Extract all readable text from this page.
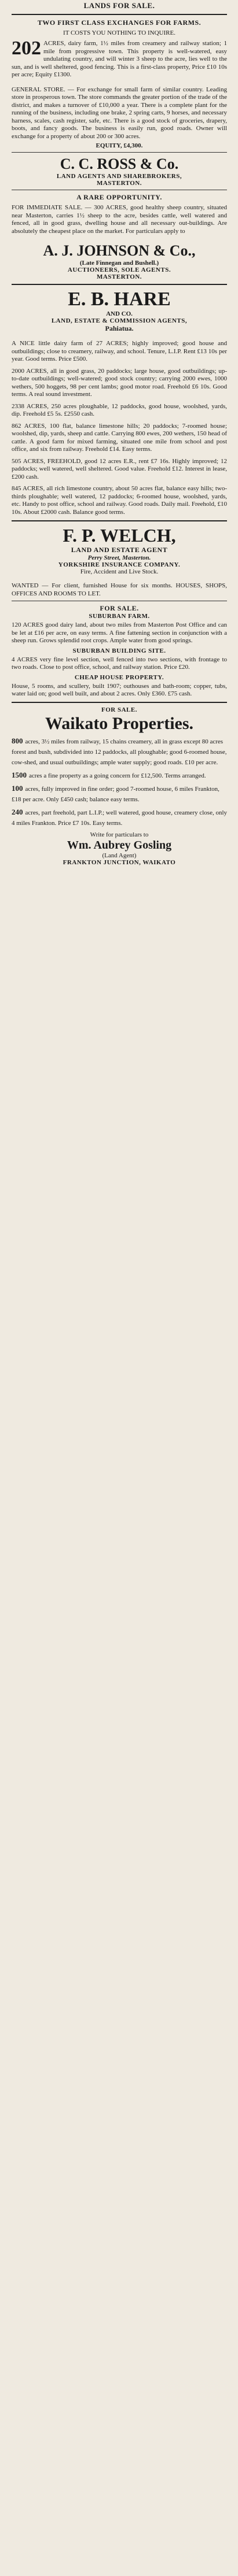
LANDS FOR SALE.
TWO FIRST CLASS EXCHANGES FOR FARMS.
IT COSTS YOU NOTHING TO INQUIRE.
202 ACRES, dairy farm, 1½ miles from creamery and railway station; 1 mile from progressive town. This property is well-watered, easy undulating country, and will winter 3 sheep to the acre, lies well to the sun, and is well sheltered, good fencing. This is a first-class property, Price £10 10s per acre; Equity £1300.

GENERAL STORE. — For exchange for small farm of similar country. Leading store in prosperous town. The store commands the greater portion of the trade of the district, and makes a turnover of £10,000 a year. There is a complete plant for the running of the business, including one brake, 2 spring carts, 9 horses, and necessary harness, scales, cash register, safe, etc. There is a good stock of groceries, drapery, boots, and fancy goods. The business is easily run, good roads. Owner will exchange for a property of about 200 or 300 acres.

EQUITY, £4,300.
C. C. ROSS & Co.
LAND AGENTS AND SHAREBROKERS,
MASTERTON.
A RARE OPPORTUNITY.

FOR IMMEDIATE SALE. — 300 ACRES, good healthy sheep country, situated near Masterton, carries 1½ sheep to the acre, besides cattle, well watered and fenced, all in good grass, dwelling house and all necessary out-buildings. Are absolutely the cheapest place on the market. For particulars apply to

A. J. JOHNSON & Co.,
(Late Finnegan and Bushell.)
AUCTIONEERS, SOLE AGENTS.
MASTERTON.
E. B. HARE
AND CO.
LAND, ESTATE & COMMISSION AGENTS,
Pahiatua.

A NICE little dairy farm of 27 ACRES; highly improved; good house and outbuildings; close to creamery, railway, and school. Tenure, L.I.P. Rent £13 10s per year. Good terms. Price £500.

2000 ACRES, all in good grass, 20 paddocks; large house, good outbuildings; up-to-date outbuildings; well-watered; good stock country; carrying 2000 ewes, 1000 wethers, 500 hoggets, 98 per cent lambs; good motor road. Freehold £6 10s. Good terms. A real sound investment.

2338 ACRES, 250 acres ploughable, 12 paddocks, good house, woolshed, yards, dip. Freehold £5 5s. £2550 cash.

862 ACRES, 100 flat, balance limestone hills; 20 paddocks; 7-roomed house; woolshed, dip, yards, sheep and cattle. Carrying 800 ewes, 200 wethers, 150 head of cattle. A good farm for mixed farming, situated one mile from school and post office, and six from railway. Freehold £14. Easy terms.

505 ACRES, FREEHOLD, good 12 acres E.R., rent £7 16s. Highly improved; 12 paddocks; well watered, well sheltered. Good value. Freehold £12. Interest in lease, £200 cash.

845 ACRES, all rich limestone country, about 50 acres flat, balance easy hills; two-thirds ploughable; well watered, 12 paddocks; 6-roomed house, woolshed, yards, etc. Handy to post office, school and railway. Good roads. Daily mail. Freehold, £10 10s. About £2000 cash. Balance good terms.

F. P. WELCH,
LAND AND ESTATE AGENT
Perry Street, Masterton.
YORKSHIRE INSURANCE COMPANY.
Fire, Accident and Live Stock.

WANTED — For client, furnished House for six months. HOUSES, SHOPS, OFFICES AND ROOMS TO LET.

FOR SALE.
SUBURBAN FARM.

120 ACRES good dairy land, about two miles from Masterton Post Office and can be let at £16 per acre, on easy terms. A fine fattening section in conjunction with a sheep run. Grows splendid root crops. Ample water from good springs.

SUBURBAN BUILDING SITE.

4 ACRES very fine level section, well fenced into two sections, with frontage to two roads. Close to post office, school, and railway station. Price £20.

CHEAP HOUSE PROPERTY.

House, 5 rooms, and scullery, built 1907; outhouses and bath-room; copper, tubs, water laid on; good well built, and about 2 acres. Only £360. £75 cash.

FOR SALE.
Waikato Properties.
800 acres, 3½ miles from railway, 15 chains creamery, all in grass except 80 acres forest and bush, subdivided into 12 paddocks, all ploughable; good 6-roomed house, cow-shed, and usual outbuildings; ample water supply; good roads. £10 per acre.
1500 acres a fine property as a going concern for £12,500. Terms arranged.
100 acres, fully improved in fine order; good 7-roomed house, 6 miles Frankton, £18 per acre. Only £450 cash; balance easy terms.
240 acres, part freehold, part L.I.P.; well watered, good house, creamery close, only 4 miles Frankton. Price £7 10s. Easy terms.
Write for particulars to
Wm. Aubrey Gosling
(Land Agent)
FRANKTON JUNCTION, WAIKATO
